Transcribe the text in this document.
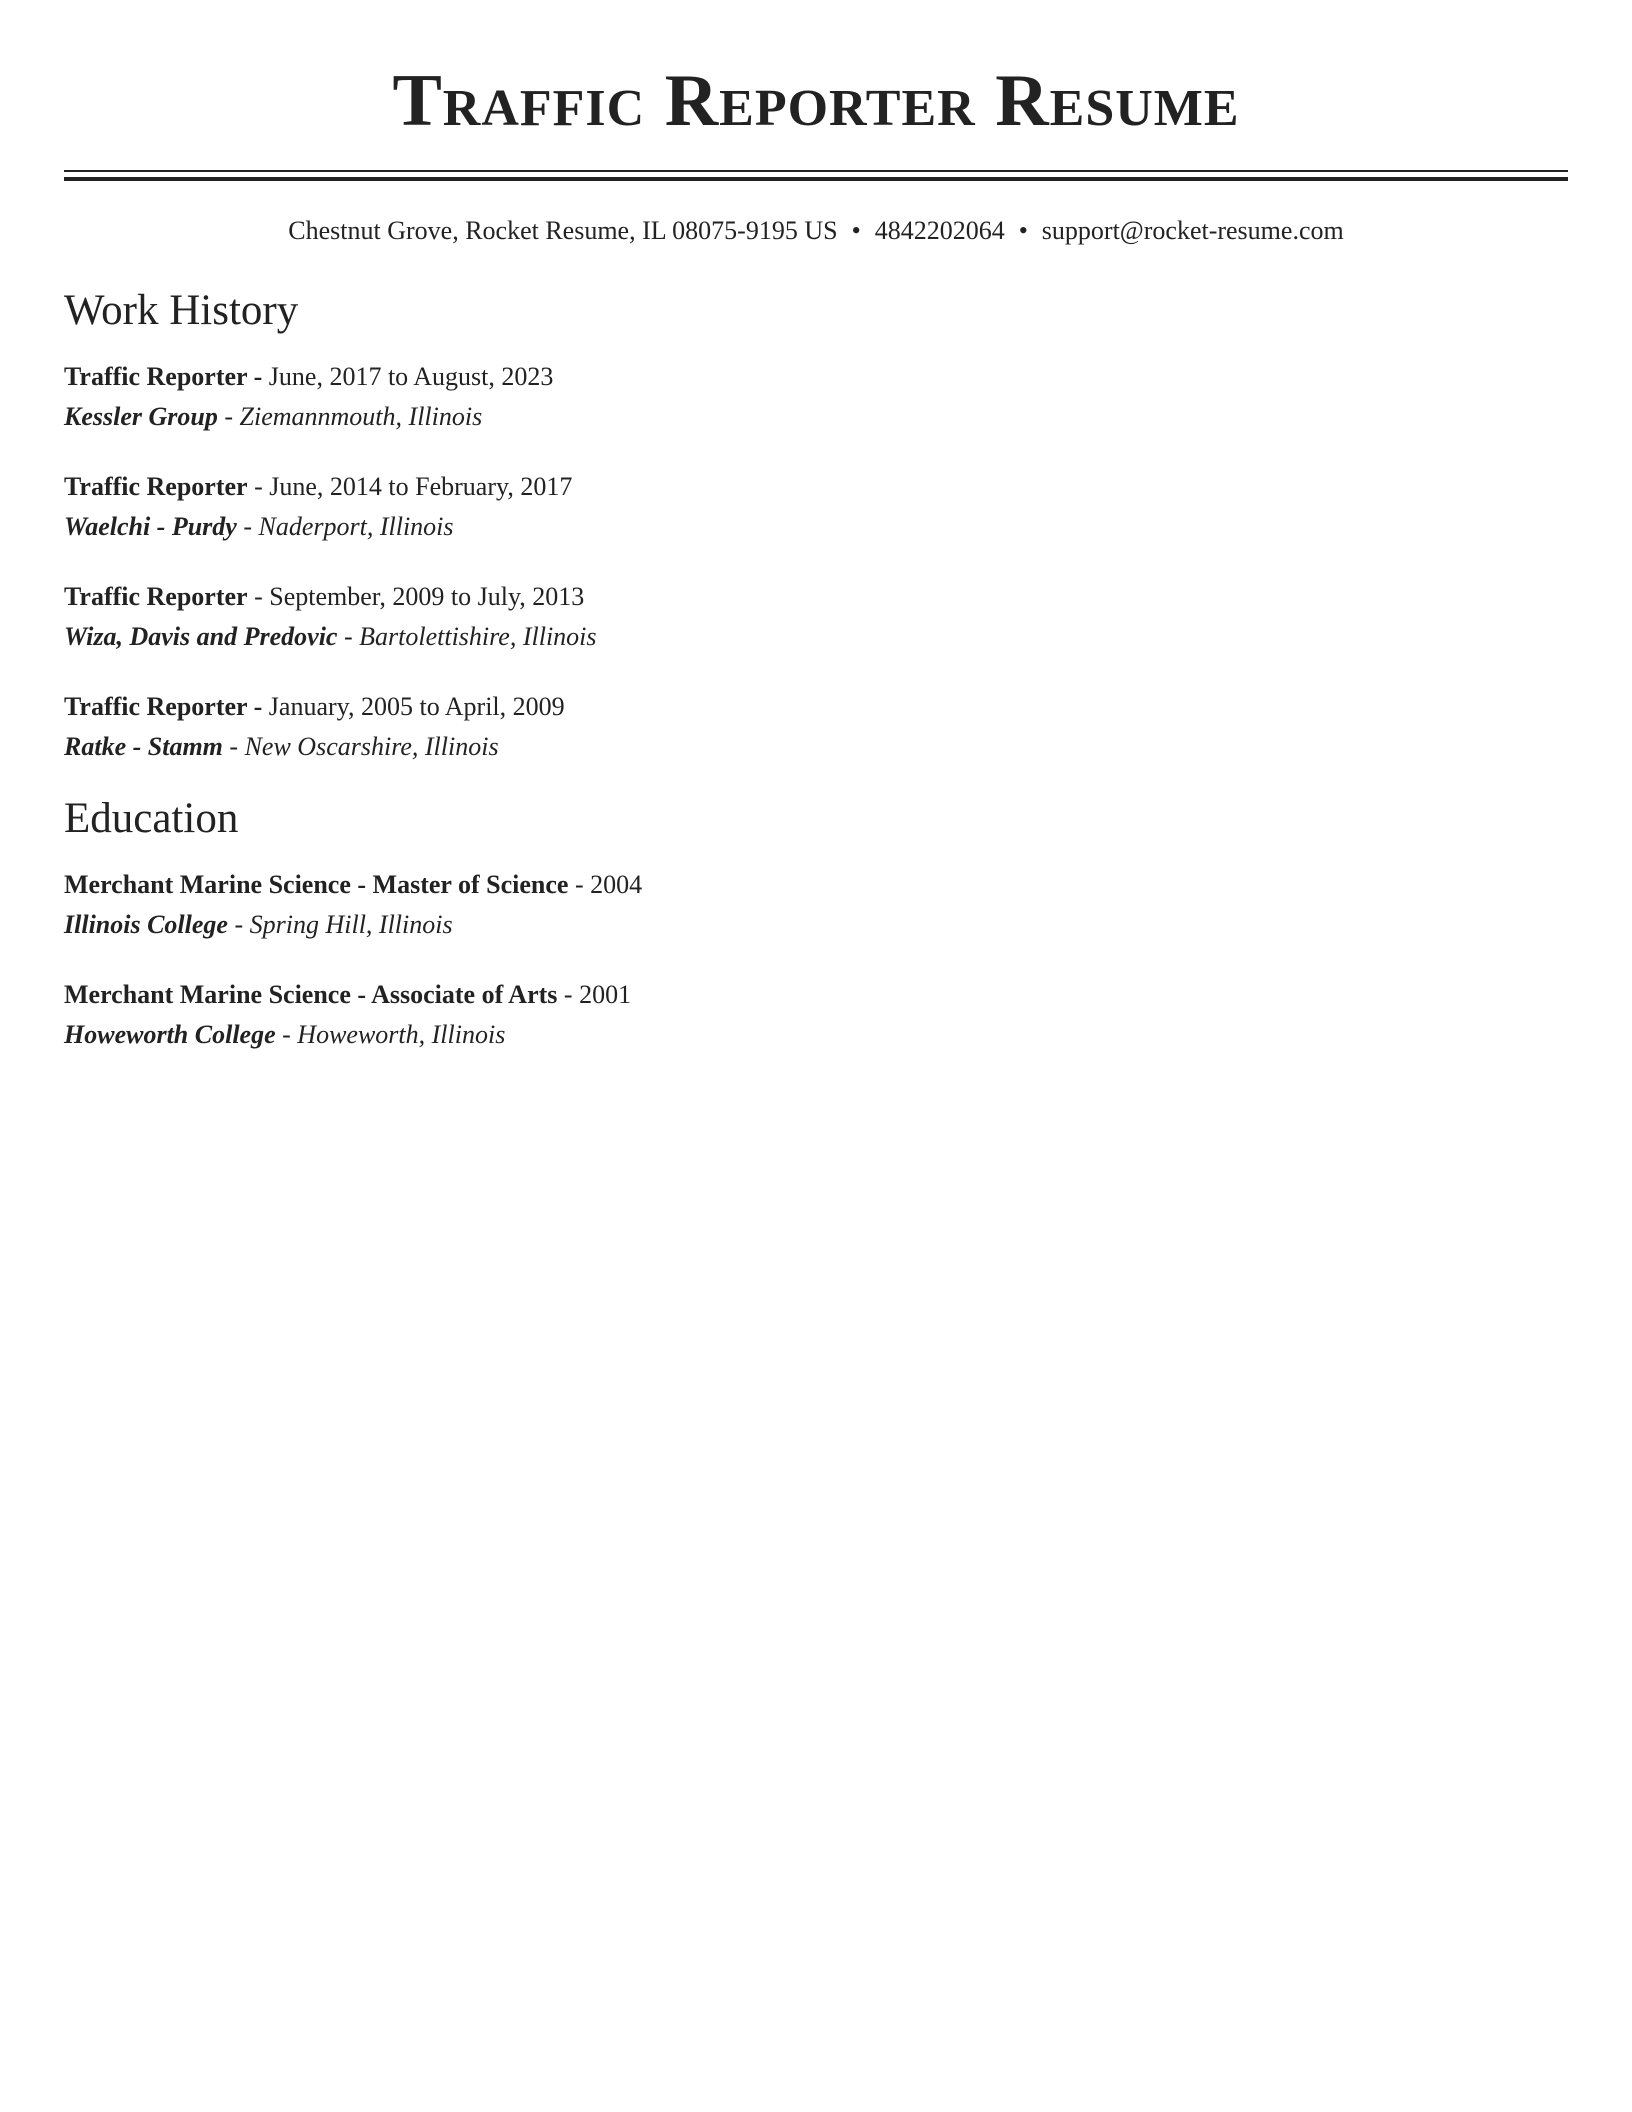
Traffic Reporter Resume
Chestnut Grove, Rocket Resume, IL 08075-9195 US • 4842202064 • support@rocket-resume.com
Work History
Traffic Reporter - June, 2017 to August, 2023
Kessler Group - Ziemannmouth, Illinois
Traffic Reporter - June, 2014 to February, 2017
Waelchi - Purdy - Naderport, Illinois
Traffic Reporter - September, 2009 to July, 2013
Wiza, Davis and Predovic - Bartolettishire, Illinois
Traffic Reporter - January, 2005 to April, 2009
Ratke - Stamm - New Oscarshire, Illinois
Education
Merchant Marine Science - Master of Science - 2004
Illinois College - Spring Hill, Illinois
Merchant Marine Science - Associate of Arts - 2001
Howeworth College - Howeworth, Illinois
